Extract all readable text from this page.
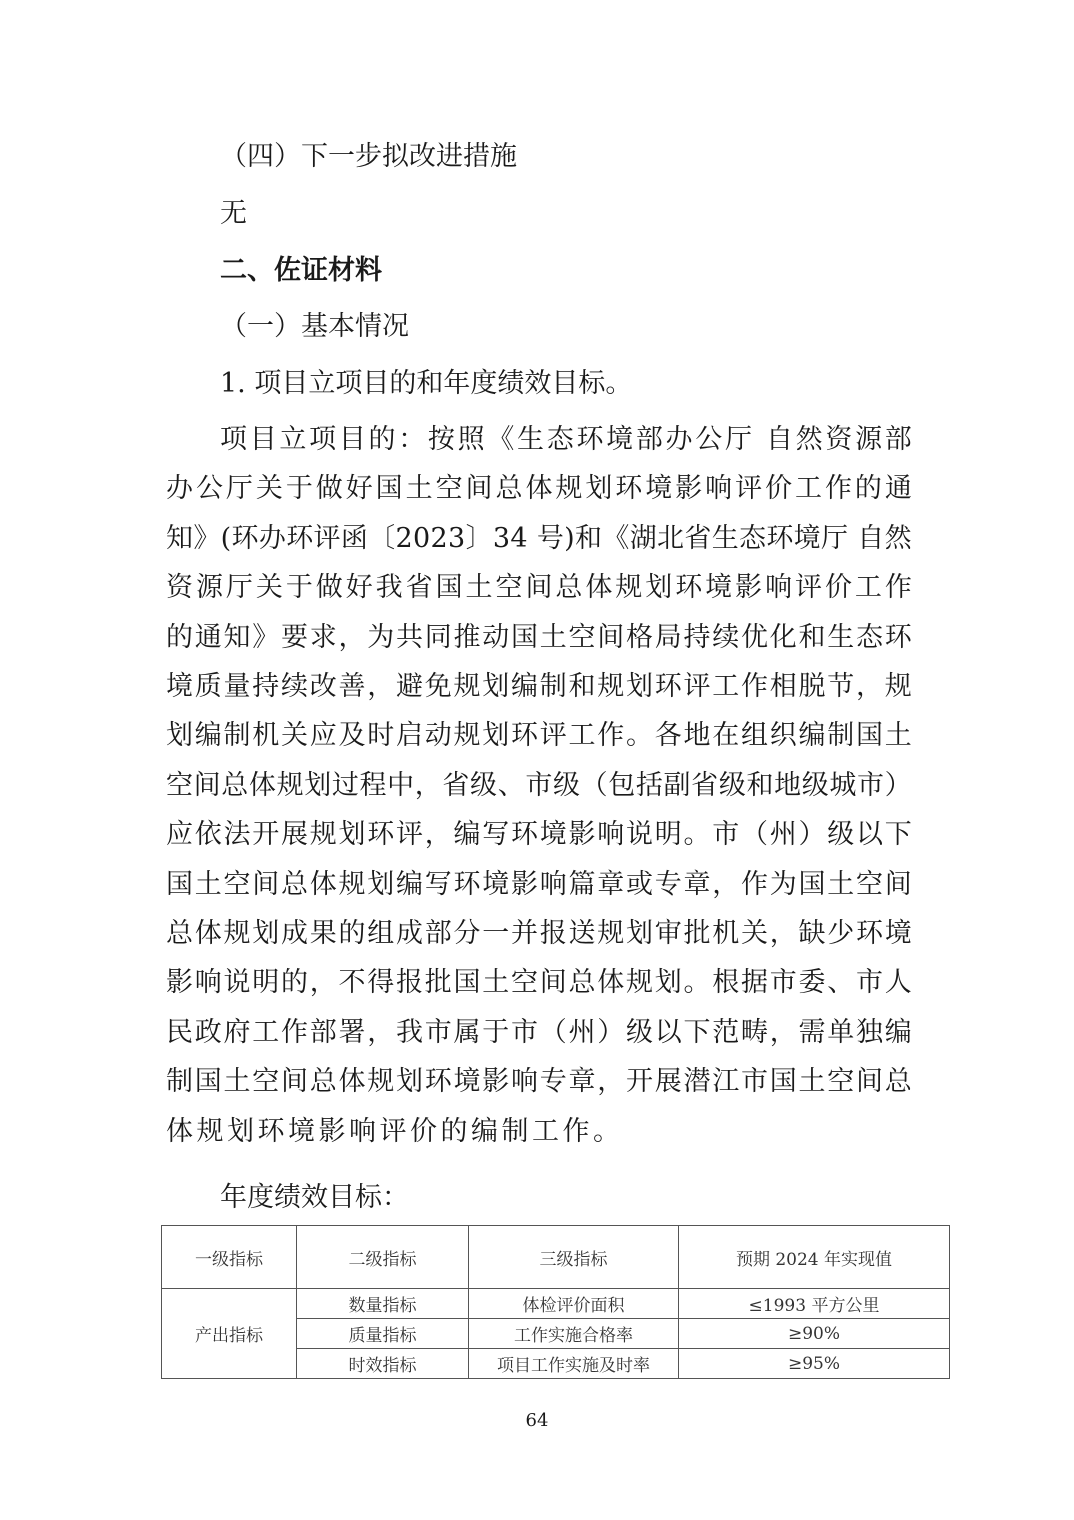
（四）下一步拟改进措施
无
二、佐证材料
（一）基本情况
1. 项目立项目的和年度绩效目标。
项 目 立 项 目 的 ： 按 照 《 生 态 环 境 部 办 公 厅
自 然 资 源 部
办 公 厅 关 于 做 好 国 土 空 间 总 体 规 划 环 境 影 响 评 价 工 作 的 通
知 》 ( 环 办 环 评 函 〔 2 0 2 3 〕 3 4
号 ) 和 《 湖 北 省 生 态 环 境 厅
自 然
资 源 厅 关 于 做 好 我 省 国 土 空 间 总 体 规 划 环 境 影 响 评 价 工 作
的 通 知 》 要 求 ， 为 共 同 推 动 国 土 空 间 格 局 持 续 优 化 和 生 态 环
境 质 量 持 续 改 善 ， 避 免 规 划 编 制 和 规 划 环 评 工 作 相 脱 节 ， 规
划 编 制 机 关 应 及 时 启 动 规 划 环 评 工 作 。 各 地 在 组 织 编 制 国 土
空 间 总 体 规 划 过 程 中 ， 省 级 、 市 级 （ 包 括 副 省 级 和 地 级 城 市 ）
应 依 法 开 展 规 划 环 评 ， 编 写 环 境 影 响 说 明 。 市 （ 州 ） 级 以 下
国 土 空 间 总 体 规 划 编 写 环 境 影 响 篇 章 或 专 章 ， 作 为 国 土 空 间
总 体 规 划 成 果 的 组 成 部 分 一 并 报 送 规 划 审 批 机 关 ， 缺 少 环 境
影 响 说 明 的 ， 不 得 报 批 国 土 空 间 总 体 规 划 。 根 据 市 委 、 市 人
民 政 府 工 作 部 署 ， 我 市 属 于 市 （ 州 ） 级 以 下 范 畴 ， 需 单 独 编
制 国 土 空 间 总 体 规 划 环 境 影 响 专 章 ， 开 展 潜 江 市 国 土 空 间 总
体规划环境影响评价的编制工作。
年度绩效目标：
一级指标	二级指标	三级指标	预期 2024 年实现值
产出指标	数量指标	体检评价面积	≤1993 平方公里
	质量指标	工作实施合格率	≥90%
	时效指标	项目工作实施及时率	≥95%
64
